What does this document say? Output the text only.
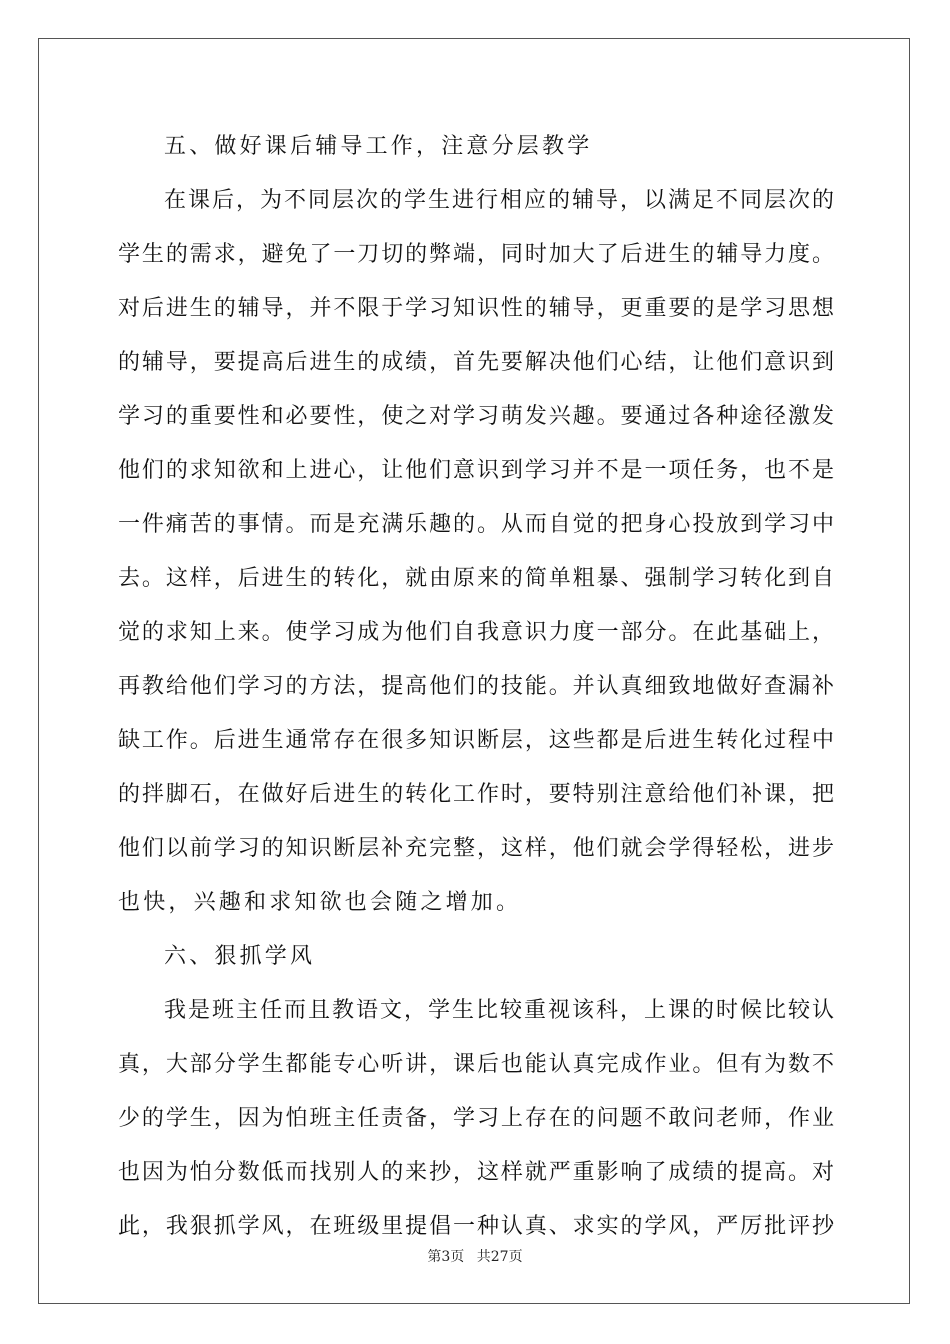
五、做好课后辅导工作，注意分层教学
在课后，为不同层次的学生进行相应的辅导，以满足不同层次的
学生的需求，避免了一刀切的弊端，同时加大了后进生的辅导力度。
对后进生的辅导，并不限于学习知识性的辅导，更重要的是学习思想
的辅导，要提高后进生的成绩，首先要解决他们心结，让他们意识到
学习的重要性和必要性，使之对学习萌发兴趣。要通过各种途径激发
他们的求知欲和上进心，让他们意识到学习并不是一项任务，也不是
一件痛苦的事情。而是充满乐趣的。从而自觉的把身心投放到学习中
去。这样，后进生的转化，就由原来的简单粗暴、强制学习转化到自
觉的求知上来。使学习成为他们自我意识力度一部分。在此基础上，
再教给他们学习的方法，提高他们的技能。并认真细致地做好查漏补
缺工作。后进生通常存在很多知识断层，这些都是后进生转化过程中
的拌脚石，在做好后进生的转化工作时，要特别注意给他们补课，把
他们以前学习的知识断层补充完整，这样，他们就会学得轻松，进步
也快，兴趣和求知欲也会随之增加。
六、狠抓学风
我是班主任而且教语文，学生比较重视该科，上课的时候比较认
真，大部分学生都能专心听讲，课后也能认真完成作业。但有为数不
少的学生，因为怕班主任责备，学习上存在的问题不敢问老师，作业
也因为怕分数低而找别人的来抄，这样就严重影响了成绩的提高。对
此，我狠抓学风，在班级里提倡一种认真、求实的学风，严厉批评抄
第3页 共27页
